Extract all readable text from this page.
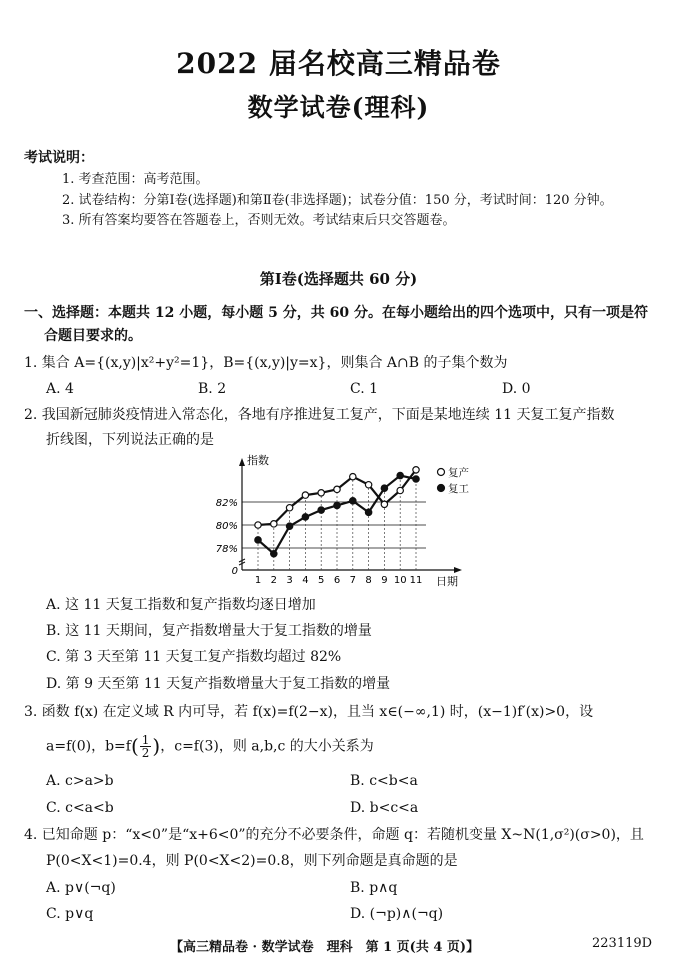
2022 届名校高三精品卷
数学试卷(理科)
考试说明：
1. 考查范围：高考范围。
2. 试卷结构：分第Ⅰ卷(选择题)和第Ⅱ卷(非选择题)；试卷分值：150 分，考试时间：120 分钟。
3. 所有答案均要答在答题卷上，否则无效。考试结束后只交答题卷。
第Ⅰ卷(选择题共 60 分)
一、选择题：本题共 12 小题，每小题 5 分，共 60 分。在每小题给出的四个选项中，只有一项是符
合题目要求的。
1. 集合 A={(x,y)|x²+y²=1}，B={(x,y)|y=x}，则集合 A∩B 的子集个数为
A. 4	B. 2	C. 1	D. 0
2. 我国新冠肺炎疫情进入常态化，各地有序推进复工复产，下面是某地连续 11 天复工复产指数
折线图，下列说法正确的是
指数
日期
82%
80%
78%
0
1 2 3 4 5 6 7 8 9 10 11
复产
复工
A. 这 11 天复工指数和复产指数均逐日增加
B. 这 11 天期间，复产指数增量大于复工指数的增量
C. 第 3 天至第 11 天复工复产指数均超过 82%
D. 第 9 天至第 11 天复产指数增量大于复工指数的增量
3. 函数 f(x) 在定义域 R 内可导，若 f(x)=f(2−x)，且当 x∈(−∞,1) 时，(x−1)f′(x)>0，设
a=f(0)，$b=f( \frac{1}{2}$ )，c=f(3)，则 a,b,c 的大小关系为
A. c>a>b	B. c<b<a
C. c<a<b	D. b<c<a
4. 已知命题 p：“x<0”是“x+6<0”的充分不必要条件，命题 q：若随机变量 X~N(1,σ²)(σ>0)，且
P(0<X<1)=0.4，则 P(0<X<2)=0.8，则下列命题是真命题的是
A. p∨(¬q)	B. p∧q
C. p∨q	D. (¬p)∧(¬q)
【高三精品卷 · 数学试卷　理科　第 1 页(共 4 页)】	223119D
